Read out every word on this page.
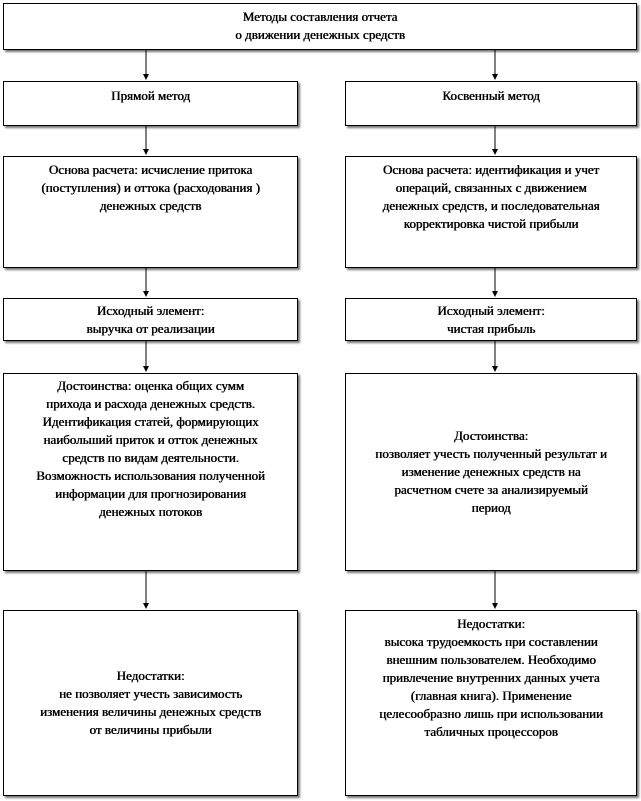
Методы составления отчета
о движении денежных средств
Прямой метод	Косвенный метод
Основа расчета: исчисление притока
(поступления) и оттока (расходования )
денежных средств
Основа расчета: идентификация и учет
операций, связанных с движением
денежных средств, и последовательная
корректировка чистой прибыли
Исходный элемент:
выручка от реализации
Исходный элемент:
чистая прибыль
Достоинства: оценка общих сумм
прихода и расхода денежных средств.
Идентификация статей, формирующих
наибольший приток и отток денежных
средств по видам деятельности.
Возможность использования полученной
информации для прогнозирования
денежных потоков
Достоинства:
позволяет учесть полученный результат и
изменение денежных средств на
расчетном счете за анализируемый
период
Недостатки:
не позволяет учесть зависимость
изменения величины денежных средств
от величины прибыли
Недостатки:
высока трудоемкость при составлении
внешним пользователем. Необходимо
привлечение внутренних данных учета
(главная книга). Применение
целесообразно лишь при использовании
табличных процессоров
